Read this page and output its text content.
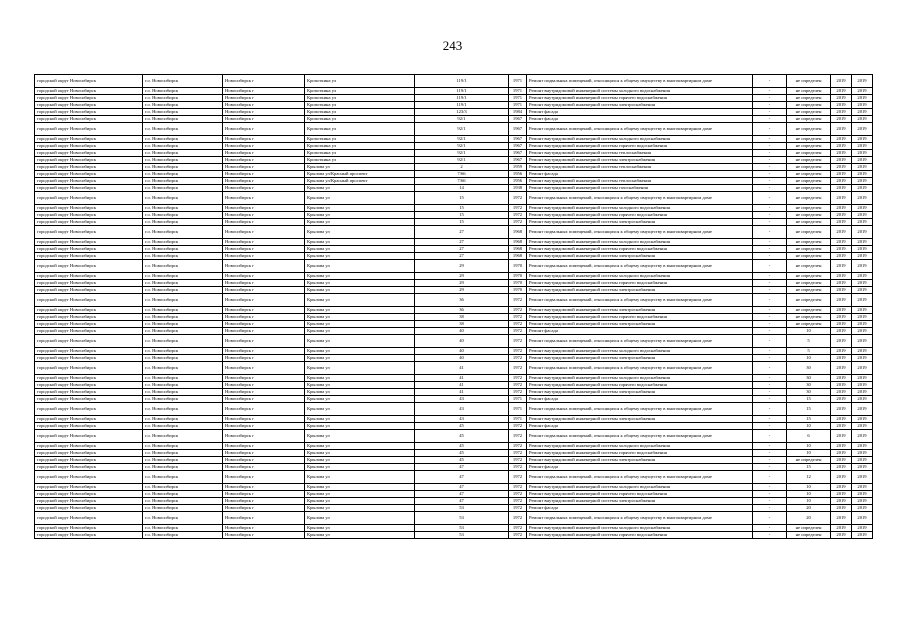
243
городской округ Новосибирск	г.о. Новосибирск	Новосибирск г	Кропоткина ул	119/1	1971	Ремонт подвальных помещений, относящихся к общему имуществу в многоквартирном доме	-	не определен	2019	2019
городской округ Новосибирск	г.о. Новосибирск	Новосибирск г	Кропоткина ул	119/1	1971	Ремонт внутридомовой инженерной системы холодного водоснабжения	-	не определен	2019	2019
городской округ Новосибирск	г.о. Новосибирск	Новосибирск г	Кропоткина ул	119/1	1971	Ремонт внутридомовой инженерной системы горячего водоснабжения	-	не определен	2019	2019
городской округ Новосибирск	г.о. Новосибирск	Новосибирск г	Кропоткина ул	119/1	1971	Ремонт внутридомовой инженерной системы электроснабжения	-	не определен	2019	2019
городской округ Новосибирск	г.о. Новосибирск	Новосибирск г	Кропоткина ул	123/3	1984	Ремонт фасада	-	не определен	2019	2019
городской округ Новосибирск	г.о. Новосибирск	Новосибирск г	Кропоткина ул	92/1	1967	Ремонт фасада	-	не определен	2019	2019
городской округ Новосибирск	г.о. Новосибирск	Новосибирск г	Кропоткина ул	92/1	1967	Ремонт подвальных помещений, относящихся к общему имуществу в многоквартирном доме	-	не определен	2019	2019
городской округ Новосибирск	г.о. Новосибирск	Новосибирск г	Кропоткина ул	92/1	1967	Ремонт внутридомовой инженерной системы холодного водоснабжения	-	не определен	2019	2019
городской округ Новосибирск	г.о. Новосибирск	Новосибирск г	Кропоткина ул	92/1	1967	Ремонт внутридомовой инженерной системы горячего водоснабжения	-	не определен	2019	2019
городской округ Новосибирск	г.о. Новосибирск	Новосибирск г	Кропоткина ул	92/1	1967	Ремонт внутридомовой инженерной системы теплоснабжения	-	не определен	2019	2019
городской округ Новосибирск	г.о. Новосибирск	Новосибирск г	Кропоткина ул	92/1	1967	Ремонт внутридомовой инженерной системы электроснабжения	-	не определен	2019	2019
городской округ Новосибирск	г.о. Новосибирск	Новосибирск г	Крылова ул	2	1959	Ремонт внутридомовой инженерной системы теплоснабжения	-	не определен	2019	2019
городской округ Новосибирск	г.о. Новосибирск	Новосибирск г	Крылова ул/Красный проспект	7/66	1956	Ремонт фасада	-	не определен	2019	2019
городской округ Новосибирск	г.о. Новосибирск	Новосибирск г	Крылова ул/Красный проспект	7/66	1956	Ремонт внутридомовой инженерной системы теплоснабжения	-	не определен	2019	2019
городской округ Новосибирск	г.о. Новосибирск	Новосибирск г	Крылова ул	14	1938	Ремонт внутридомовой инженерной системы газоснабжения	-	не определен	2019	2019
городской округ Новосибирск	г.о. Новосибирск	Новосибирск г	Крылова ул	15	1972	Ремонт подвальных помещений, относящихся к общему имуществу в многоквартирном доме	-	не определен	2019	2019
городской округ Новосибирск	г.о. Новосибирск	Новосибирск г	Крылова ул	15	1972	Ремонт внутридомовой инженерной системы холодного водоснабжения	-	не определен	2019	2019
городской округ Новосибирск	г.о. Новосибирск	Новосибирск г	Крылова ул	15	1972	Ремонт внутридомовой инженерной системы горячего водоснабжения	-	не определен	2019	2019
городской округ Новосибирск	г.о. Новосибирск	Новосибирск г	Крылова ул	15	1972	Ремонт внутридомовой инженерной системы электроснабжения	-	не определен	2019	2019
городской округ Новосибирск	г.о. Новосибирск	Новосибирск г	Крылова ул	27	1968	Ремонт подвальных помещений, относящихся к общему имуществу в многоквартирном доме	-	не определен	2019	2019
городской округ Новосибирск	г.о. Новосибирск	Новосибирск г	Крылова ул	27	1968	Ремонт внутридомовой инженерной системы холодного водоснабжения	-	не определен	2019	2019
городской округ Новосибирск	г.о. Новосибирск	Новосибирск г	Крылова ул	27	1968	Ремонт внутридомовой инженерной системы горячего водоснабжения	-	не определен	2019	2019
городской округ Новосибирск	г.о. Новосибирск	Новосибирск г	Крылова ул	27	1968	Ремонт внутридомовой инженерной системы электроснабжения	-	не определен	2019	2019
городской округ Новосибирск	г.о. Новосибирск	Новосибирск г	Крылова ул	29	1970	Ремонт подвальных помещений, относящихся к общему имуществу в многоквартирном доме	-	не определен	2019	2019
городской округ Новосибирск	г.о. Новосибирск	Новосибирск г	Крылова ул	29	1970	Ремонт внутридомовой инженерной системы холодного водоснабжения	-	не определен	2019	2019
городской округ Новосибирск	г.о. Новосибирск	Новосибирск г	Крылова ул	29	1970	Ремонт внутридомовой инженерной системы горячего водоснабжения	-	не определен	2019	2019
городской округ Новосибирск	г.о. Новосибирск	Новосибирск г	Крылова ул	29	1970	Ремонт внутридомовой инженерной системы электроснабжения	-	не определен	2019	2019
городской округ Новосибирск	г.о. Новосибирск	Новосибирск г	Крылова ул	36	1972	Ремонт подвальных помещений, относящихся к общему имуществу в многоквартирном доме	-	не определен	2019	2019
городской округ Новосибирск	г.о. Новосибирск	Новосибирск г	Крылова ул	36	1972	Ремонт внутридомовой инженерной системы электроснабжения	-	не определен	2019	2019
городской округ Новосибирск	г.о. Новосибирск	Новосибирск г	Крылова ул	38	1972	Ремонт внутридомовой инженерной системы горячего водоснабжения	-	не определен	2019	2019
городской округ Новосибирск	г.о. Новосибирск	Новосибирск г	Крылова ул	38	1972	Ремонт внутридомовой инженерной системы электроснабжения	-	не определен	2019	2019
городской округ Новосибирск	г.о. Новосибирск	Новосибирск г	Крылова ул	40	1972	Ремонт фасада	-	10	2019	2019
городской округ Новосибирск	г.о. Новосибирск	Новосибирск г	Крылова ул	40	1972	Ремонт подвальных помещений, относящихся к общему имуществу в многоквартирном доме	-	5	2019	2019
городской округ Новосибирск	г.о. Новосибирск	Новосибирск г	Крылова ул	40	1972	Ремонт внутридомовой инженерной системы холодного водоснабжения	-	5	2019	2019
городской округ Новосибирск	г.о. Новосибирск	Новосибирск г	Крылова ул	40	1972	Ремонт внутридомовой инженерной системы электроснабжения	-	10	2019	2019
городской округ Новосибирск	г.о. Новосибирск	Новосибирск г	Крылова ул	41	1972	Ремонт подвальных помещений, относящихся к общему имуществу в многоквартирном доме	-	30	2019	2019
городской округ Новосибирск	г.о. Новосибирск	Новосибирск г	Крылова ул	41	1972	Ремонт внутридомовой инженерной системы холодного водоснабжения	-	30	2019	2019
городской округ Новосибирск	г.о. Новосибирск	Новосибирск г	Крылова ул	41	1972	Ремонт внутридомовой инженерной системы горячего водоснабжения	-	30	2019	2019
городской округ Новосибирск	г.о. Новосибирск	Новосибирск г	Крылова ул	41	1972	Ремонт внутридомовой инженерной системы электроснабжения	-	30	2019	2019
городской округ Новосибирск	г.о. Новосибирск	Новосибирск г	Крылова ул	43	1971	Ремонт фасада	-	15	2019	2019
городской округ Новосибирск	г.о. Новосибирск	Новосибирск г	Крылова ул	43	1971	Ремонт подвальных помещений, относящихся к общему имуществу в многоквартирном доме	-	15	2019	2019
городской округ Новосибирск	г.о. Новосибирск	Новосибирск г	Крылова ул	43	1971	Ремонт внутридомовой инженерной системы электроснабжения	-	15	2019	2019
городской округ Новосибирск	г.о. Новосибирск	Новосибирск г	Крылова ул	45	1972	Ремонт фасада	-	10	2019	2019
городской округ Новосибирск	г.о. Новосибирск	Новосибирск г	Крылова ул	45	1972	Ремонт подвальных помещений, относящихся к общему имуществу в многоквартирном доме	-	6	2019	2019
городской округ Новосибирск	г.о. Новосибирск	Новосибирск г	Крылова ул	45	1972	Ремонт внутридомовой инженерной системы холодного водоснабжения	-	10	2019	2019
городской округ Новосибирск	г.о. Новосибирск	Новосибирск г	Крылова ул	45	1972	Ремонт внутридомовой инженерной системы горячего водоснабжения	-	10	2019	2019
городской округ Новосибирск	г.о. Новосибирск	Новосибирск г	Крылова ул	45	1972	Ремонт внутридомовой инженерной системы электроснабжения	-	не определен	2019	2019
городской округ Новосибирск	г.о. Новосибирск	Новосибирск г	Крылова ул	47	1972	Ремонт фасада	-	15	2019	2019
городской округ Новосибирск	г.о. Новосибирск	Новосибирск г	Крылова ул	47	1972	Ремонт подвальных помещений, относящихся к общему имуществу в многоквартирном доме	-	12	2019	2019
городской округ Новосибирск	г.о. Новосибирск	Новосибирск г	Крылова ул	47	1972	Ремонт внутридомовой инженерной системы холодного водоснабжения	-	10	2019	2019
городской округ Новосибирск	г.о. Новосибирск	Новосибирск г	Крылова ул	47	1972	Ремонт внутридомовой инженерной системы горячего водоснабжения	-	10	2019	2019
городской округ Новосибирск	г.о. Новосибирск	Новосибирск г	Крылова ул	47	1972	Ремонт внутридомовой инженерной системы электроснабжения	-	10	2019	2019
городской округ Новосибирск	г.о. Новосибирск	Новосибирск г	Крылова ул	53	1972	Ремонт фасада	-	20	2019	2019
городской округ Новосибирск	г.о. Новосибирск	Новосибирск г	Крылова ул	53	1972	Ремонт подвальных помещений, относящихся к общему имуществу в многоквартирном доме	-	20	2019	2019
городской округ Новосибирск	г.о. Новосибирск	Новосибирск г	Крылова ул	53	1972	Ремонт внутридомовой инженерной системы холодного водоснабжения	-	не определен	2019	2019
городской округ Новосибирск	г.о. Новосибирск	Новосибирск г	Крылова ул	53	1972	Ремонт внутридомовой инженерной системы горячего водоснабжения	-	не определен	2019	2019
